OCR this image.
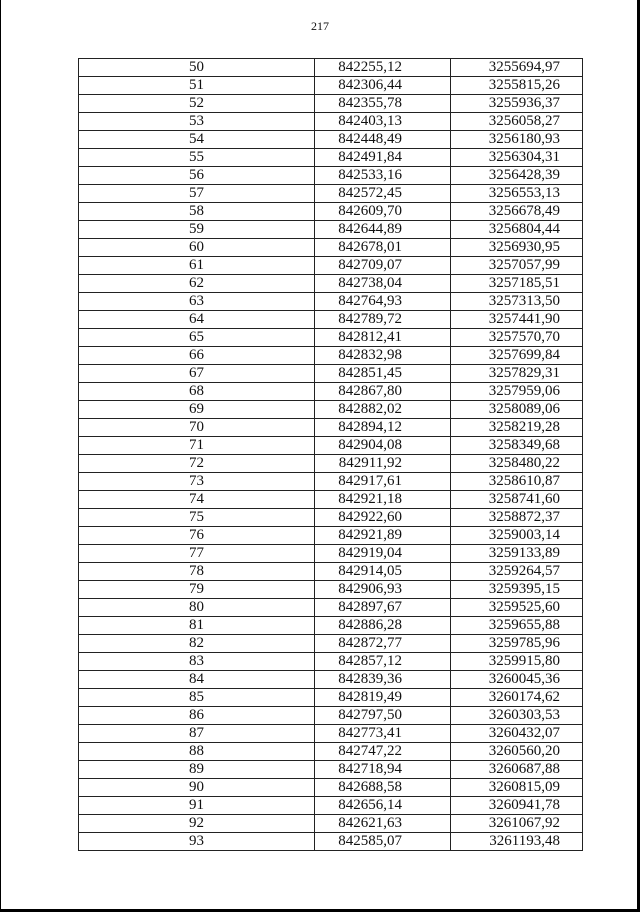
217
50	842255,12	3255694,97
51	842306,44	3255815,26
52	842355,78	3255936,37
53	842403,13	3256058,27
54	842448,49	3256180,93
55	842491,84	3256304,31
56	842533,16	3256428,39
57	842572,45	3256553,13
58	842609,70	3256678,49
59	842644,89	3256804,44
60	842678,01	3256930,95
61	842709,07	3257057,99
62	842738,04	3257185,51
63	842764,93	3257313,50
64	842789,72	3257441,90
65	842812,41	3257570,70
66	842832,98	3257699,84
67	842851,45	3257829,31
68	842867,80	3257959,06
69	842882,02	3258089,06
70	842894,12	3258219,28
71	842904,08	3258349,68
72	842911,92	3258480,22
73	842917,61	3258610,87
74	842921,18	3258741,60
75	842922,60	3258872,37
76	842921,89	3259003,14
77	842919,04	3259133,89
78	842914,05	3259264,57
79	842906,93	3259395,15
80	842897,67	3259525,60
81	842886,28	3259655,88
82	842872,77	3259785,96
83	842857,12	3259915,80
84	842839,36	3260045,36
85	842819,49	3260174,62
86	842797,50	3260303,53
87	842773,41	3260432,07
88	842747,22	3260560,20
89	842718,94	3260687,88
90	842688,58	3260815,09
91	842656,14	3260941,78
92	842621,63	3261067,92
93	842585,07	3261193,48
